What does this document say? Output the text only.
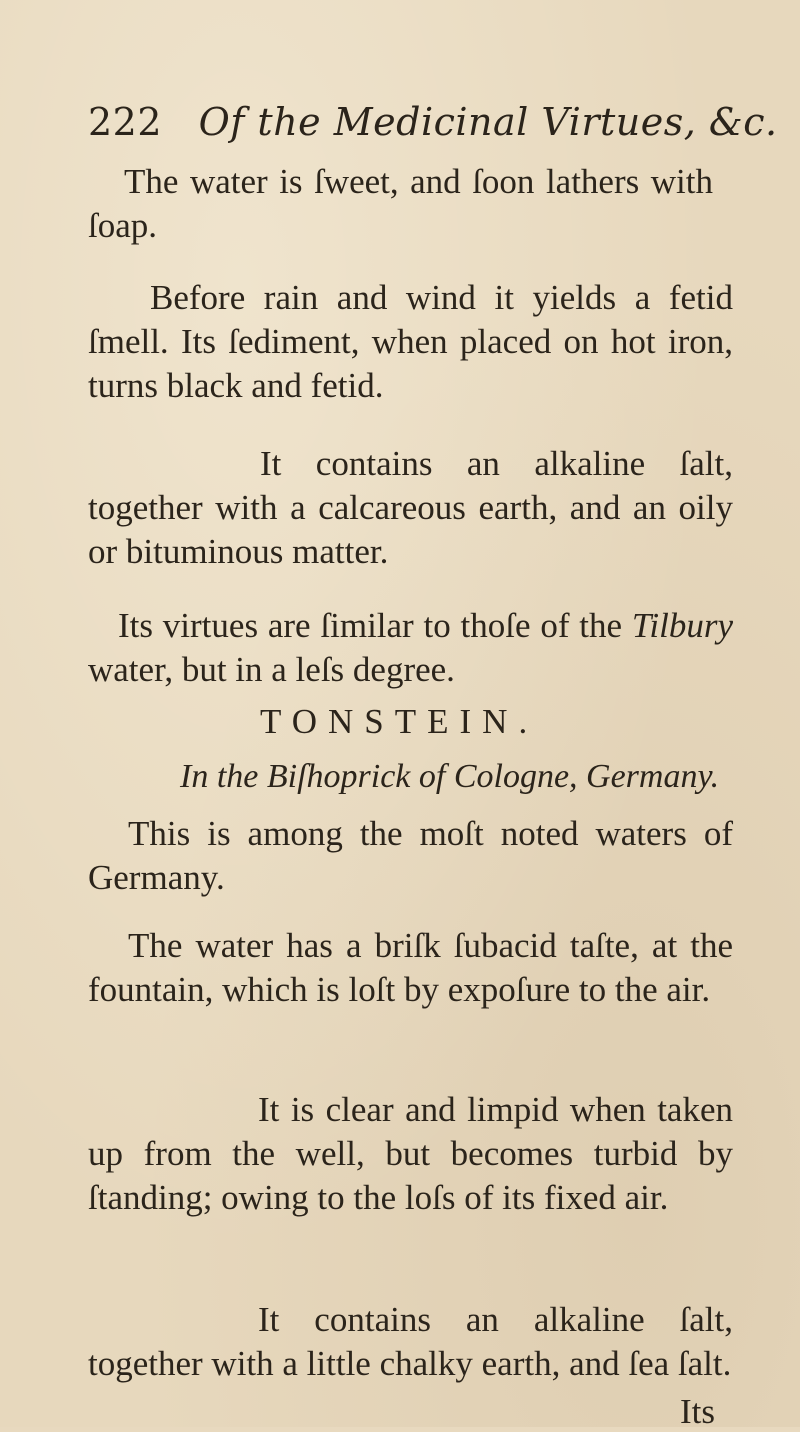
222 Of the Medicinal Virtues, &c.

The water is ſweet, and ſoon lathers with ſoap.

Before rain and wind it yields a fetid ſmell. Its ſediment, when placed on hot iron, turns black and fetid.

It contains an alkaline ſalt, together with a calcareous earth, and an oily or bituminous matter.

Its virtues are ſimilar to thoſe of the Tilbury water, but in a leſs degree.

TONSTEIN.
In the Biſhoprick of Cologne, Germany.

This is among the moſt noted waters of Germany.

The water has a briſk ſubacid taſte, at the fountain, which is loſt by expoſure to the air.

It is clear and limpid when taken up from the well, but becomes turbid by ſtanding; owing to the loſs of its fixed air.

It contains an alkaline ſalt, together with a little chalky earth, and ſea ſalt.

Its
